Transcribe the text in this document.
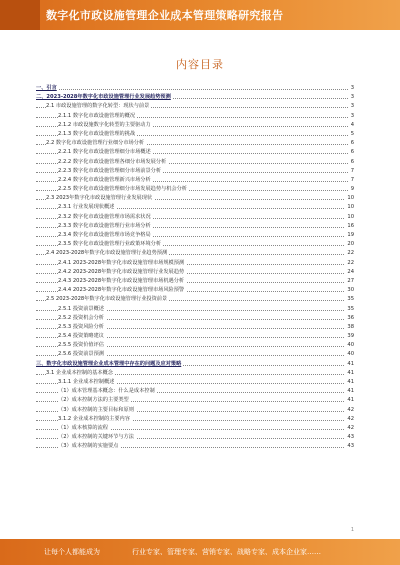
数字化市政设施管理企业成本管理策略研究报告
内容目录
一、引言	3
二、2023-2028年数字化市政设施管理行业发展趋势预测	3
2.1 市政设施管理的数字化转型：现状与前景	3
2.1.1 数字化市政设施管理的概况	3
2.1.2 市政设施数字化转型的主要驱动力	4
2.1.3 数字化市政设施管理的挑战	5
2.2 数字化市政设施管理行业细分市场分析	6
2.2.1 数字化市政设施管理细分市场概述	6
2.2.2 数字化市政设施管理各细分市场发展分析	6
2.2.3 数字化市政设施管理细分市场前景分析	7
2.2.4 数字化市政设施管理新兴市场分析	7
2.2.5 数字化市政设施管理细分市场发展趋势与机会分析	9
2.3 2023年数字化市政设施管理行业发展现状	10
2.3.1 行业发展现状概述	10
2.3.2 数字化市政设施管理市场需求状况	10
2.3.3 数字化市政设施管理行业市场分析	16
2.3.4 数字化市政设施管理市场竞争格局	19
2.3.5 数字化市政设施管理行业政策环境分析	20
2.4 2023-2028年数字化市政设施管理行业趋势预测	22
2.4.1 2023-2028年数字化市政设施管理市场规模预测	22
2.4.2 2023-2028年数字化市政设施管理行业发展趋势	24
2.4.3 2023-2028年数字化市政设施管理市场机遇分析	27
2.4.4 2023-2028年数字化市政设施管理市场风险预警	30
2.5 2023-2028年数字化市政设施管理行业投资前景	35
2.5.1 投资前景概述	35
2.5.2 投资机会分析	36
2.5.3 投资风险分析	38
2.5.4 投资策略建议	39
2.5.5 投资价值评估	40
2.5.6 投资前景预测	40
三、数字化市政设施管理企业成本管理中存在的问题及应对策略	41
3.1 企业成本控制的基本概念	41
3.1.1 企业成本控制概述	41
（1）成本管理基本概念：什么是成本控制	41
（2）成本控制方法的主要类型	41
（3）成本控制的主要目标和原则	42
3.1.2 企业成本控制的主要内容	42
（1）成本核算的流程	42
（2）成本控制的关键环节与方法	43
（3）成本控制的实施要点	43
1
让每个人都能成为	行业专家、管理专家、营销专家、战略专家、成本企业家……
